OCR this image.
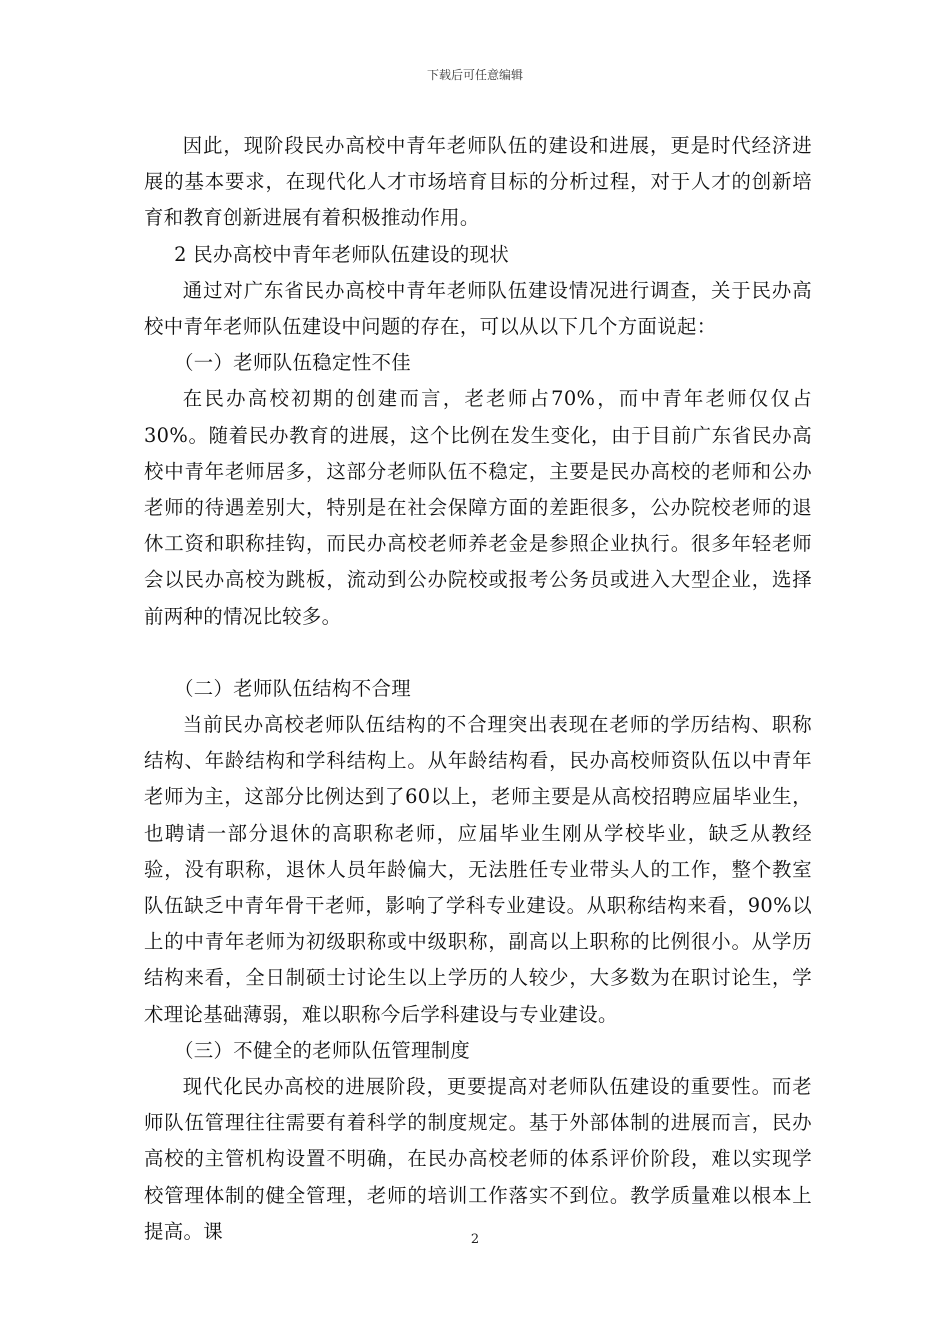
下载后可任意编辑

因此，现阶段民办高校中青年老师队伍的建设和进展，更是时代经济进展的基本要求，在现代化人才市场培育目标的分析过程，对于人才的创新培育和教育创新进展有着积极推动作用。

2 民办高校中青年老师队伍建设的现状

通过对广东省民办高校中青年老师队伍建设情况进行调查，关于民办高校中青年老师队伍建设中问题的存在，可以从以下几个方面说起：

（一）老师队伍稳定性不佳

在民办高校初期的创建而言，老老师占70%，而中青年老师仅仅占30%。随着民办教育的进展，这个比例在发生变化，由于目前广东省民办高校中青年老师居多，这部分老师队伍不稳定，主要是民办高校的老师和公办老师的待遇差别大，特别是在社会保障方面的差距很多，公办院校老师的退休工资和职称挂钩，而民办高校老师养老金是参照企业执行。很多年轻老师会以民办高校为跳板，流动到公办院校或报考公务员或进入大型企业，选择前两种的情况比较多。

（二）老师队伍结构不合理

当前民办高校老师队伍结构的不合理突出表现在老师的学历结构、职称结构、年龄结构和学科结构上。从年龄结构看，民办高校师资队伍以中青年老师为主，这部分比例达到了60以上，老师主要是从高校招聘应届毕业生，也聘请一部分退休的高职称老师，应届毕业生刚从学校毕业，缺乏从教经验，没有职称，退休人员年龄偏大，无法胜任专业带头人的工作，整个教室队伍缺乏中青年骨干老师，影响了学科专业建设。从职称结构来看，90%以上的中青年老师为初级职称或中级职称，副高以上职称的比例很小。从学历结构来看，全日制硕士讨论生以上学历的人较少，大多数为在职讨论生，学术理论基础薄弱，难以职称今后学科建设与专业建设。

（三）不健全的老师队伍管理制度

现代化民办高校的进展阶段，更要提高对老师队伍建设的重要性。而老师队伍管理往往需要有着科学的制度规定。基于外部体制的进展而言，民办高校的主管机构设置不明确，在民办高校老师的体系评价阶段，难以实现学校管理体制的健全管理，老师的培训工作落实不到位。教学质量难以根本上提高。课	2
